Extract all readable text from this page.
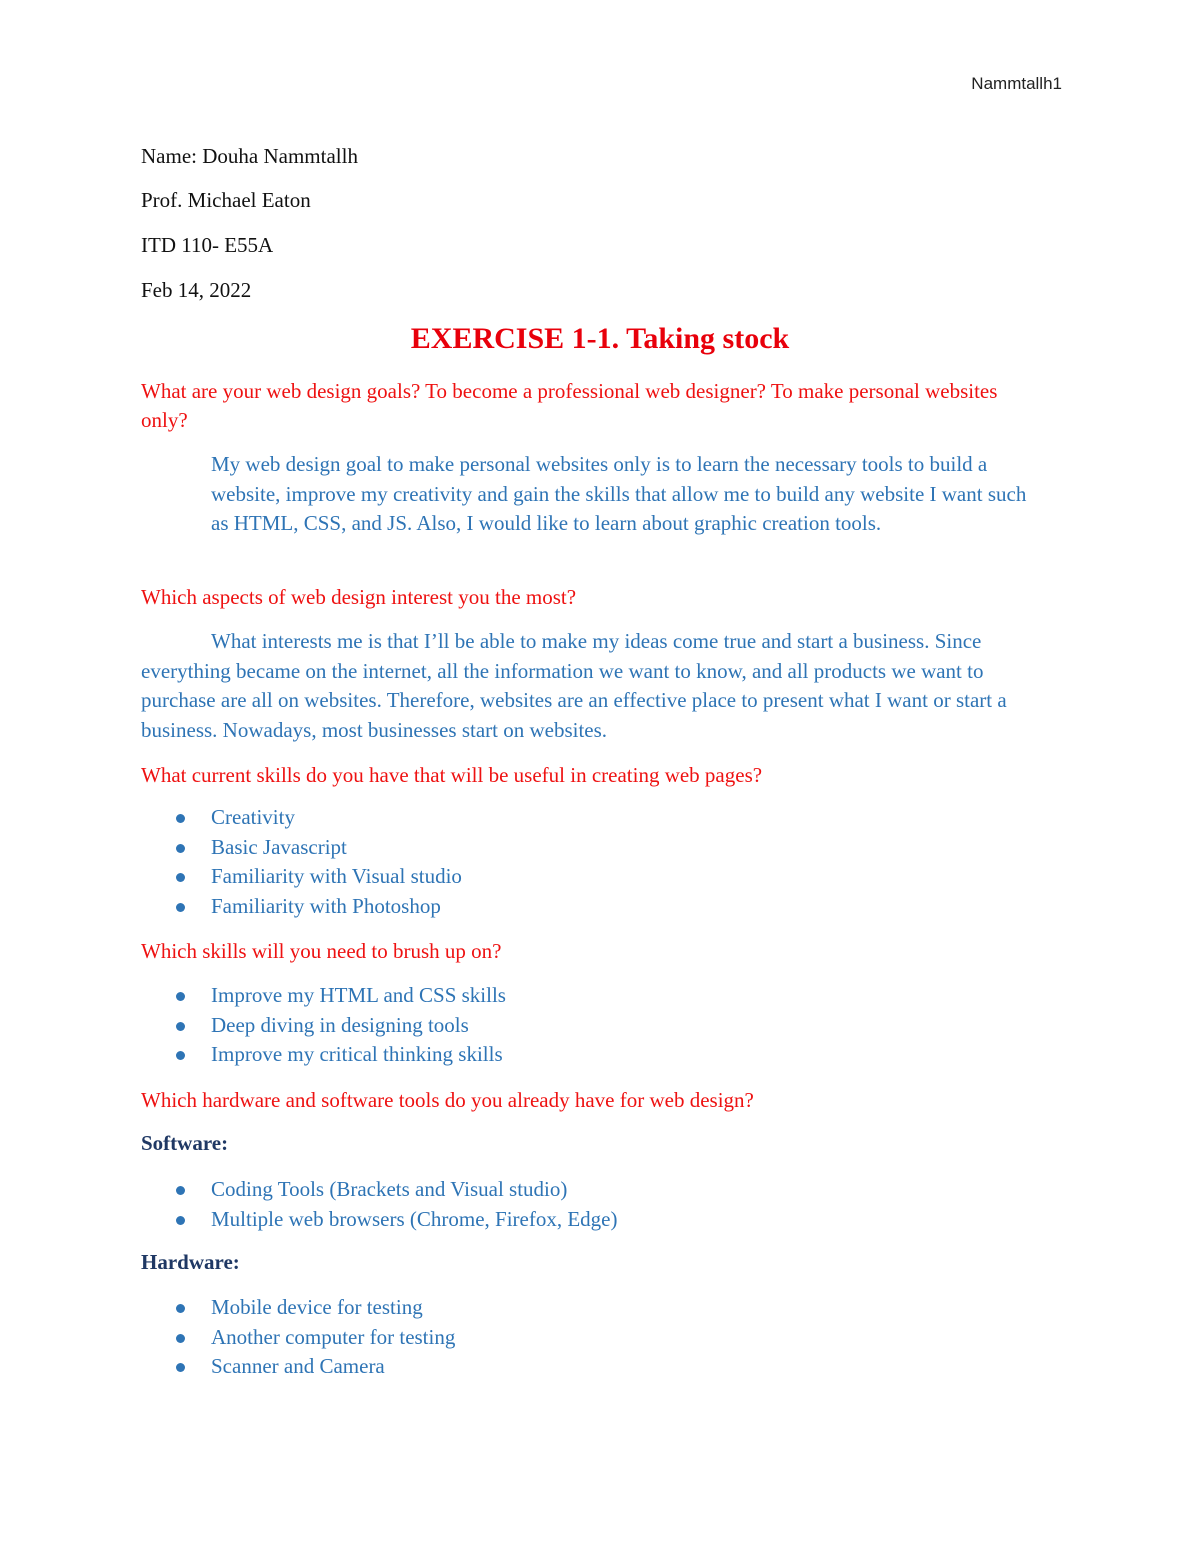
Nammtallh1
Name: Douha Nammtallh
Prof. Michael Eaton
ITD 110- E55A
Feb 14, 2022
EXERCISE 1-1. Taking stock
What are your web design goals? To become a professional web designer? To make personal websites only?
My web design goal to make personal websites only is to learn the necessary tools to build a website, improve my creativity and gain the skills that allow me to build any website I want such as HTML, CSS, and JS. Also, I would like to learn about graphic creation tools.
Which aspects of web design interest you the most?
What interests me is that I’ll be able to make my ideas come true and start a business. Since everything became on the internet, all the information we want to know, and all products we want to purchase are all on websites. Therefore, websites are an effective place to present what I want or start a business. Nowadays, most businesses start on websites.
What current skills do you have that will be useful in creating web pages?
Creativity
Basic Javascript
Familiarity with Visual studio
Familiarity with Photoshop
Which skills will you need to brush up on?
Improve my HTML and CSS skills
Deep diving in designing tools
Improve my critical thinking skills
Which hardware and software tools do you already have for web design?
Software:
Coding Tools (Brackets and Visual studio)
Multiple web browsers (Chrome, Firefox, Edge)
Hardware:
Mobile device for testing
Another computer for testing
Scanner and Camera
